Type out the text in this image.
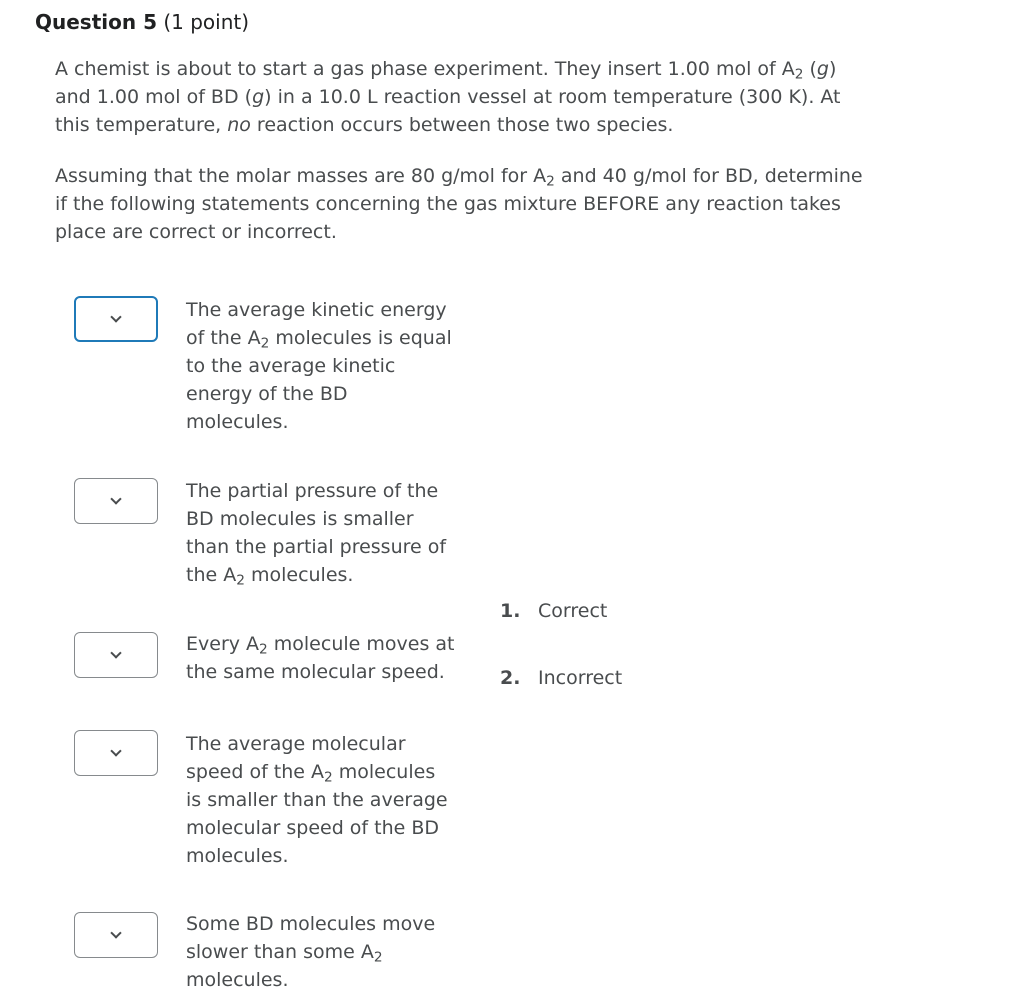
Question 5 (1 point)
A chemist is about to start a gas phase experiment. They insert 1.00 mol of $A_2$ (g)
and 1.00 mol of BD (g) in a 10.0 L reaction vessel at room temperature (300 K). At
this temperature, no reaction occurs between those two species.
Assuming that the molar masses are 80 g/mol for $A_2$ and 40 g/mol for BD, determine
if the following statements concerning the gas mixture BEFORE any reaction takes
place are correct or incorrect.
The average kinetic energy
of the $A_2$ molecules is equal
to the average kinetic
energy of the BD
molecules.
The partial pressure of the
BD molecules is smaller
than the partial pressure of
the $A_2$ molecules.
Every $A_2$ molecule moves at
the same molecular speed.
The average molecular
speed of the $A_2$ molecules
is smaller than the average
molecular speed of the BD
molecules.
Some BD molecules move
slower than some $A_2$
molecules.
1. Correct
2. Incorrect
